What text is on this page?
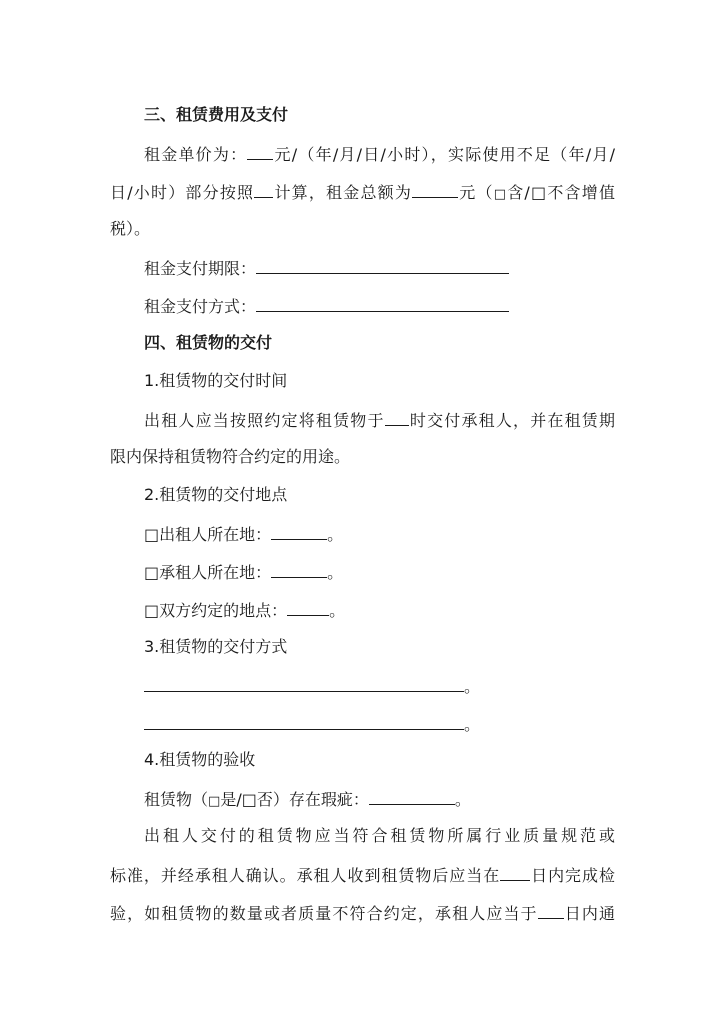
三、租赁费用及支付
租金单价为： 元/（年/月/日/小时），实际使用不足（年/月/
日/小时）部分按照 计算，租金总额为	元（□含/□不含增值
税）。
租金支付期限：
租金支付方式：
四、租赁物的交付
1.租赁物的交付时间
出租人应当按照约定将租赁物于 时交付承租人，并在租赁期
限内保持租赁物符合约定的用途。
2.租赁物的交付地点
□出租人所在地：	。
□承租人所在地：	。
□双方约定的地点：	。
3.租赁物的交付方式
。
。
4.租赁物的验收
租赁物（□是/□否）存在瑕疵：	。
出租人交付的租赁物应当符合租赁物所属行业质量规范或
标准，并经承租人确认。承租人收到租赁物后应当在 日内完成检
验，如租赁物的数量或者质量不符合约定，承租人应当于 日内通
